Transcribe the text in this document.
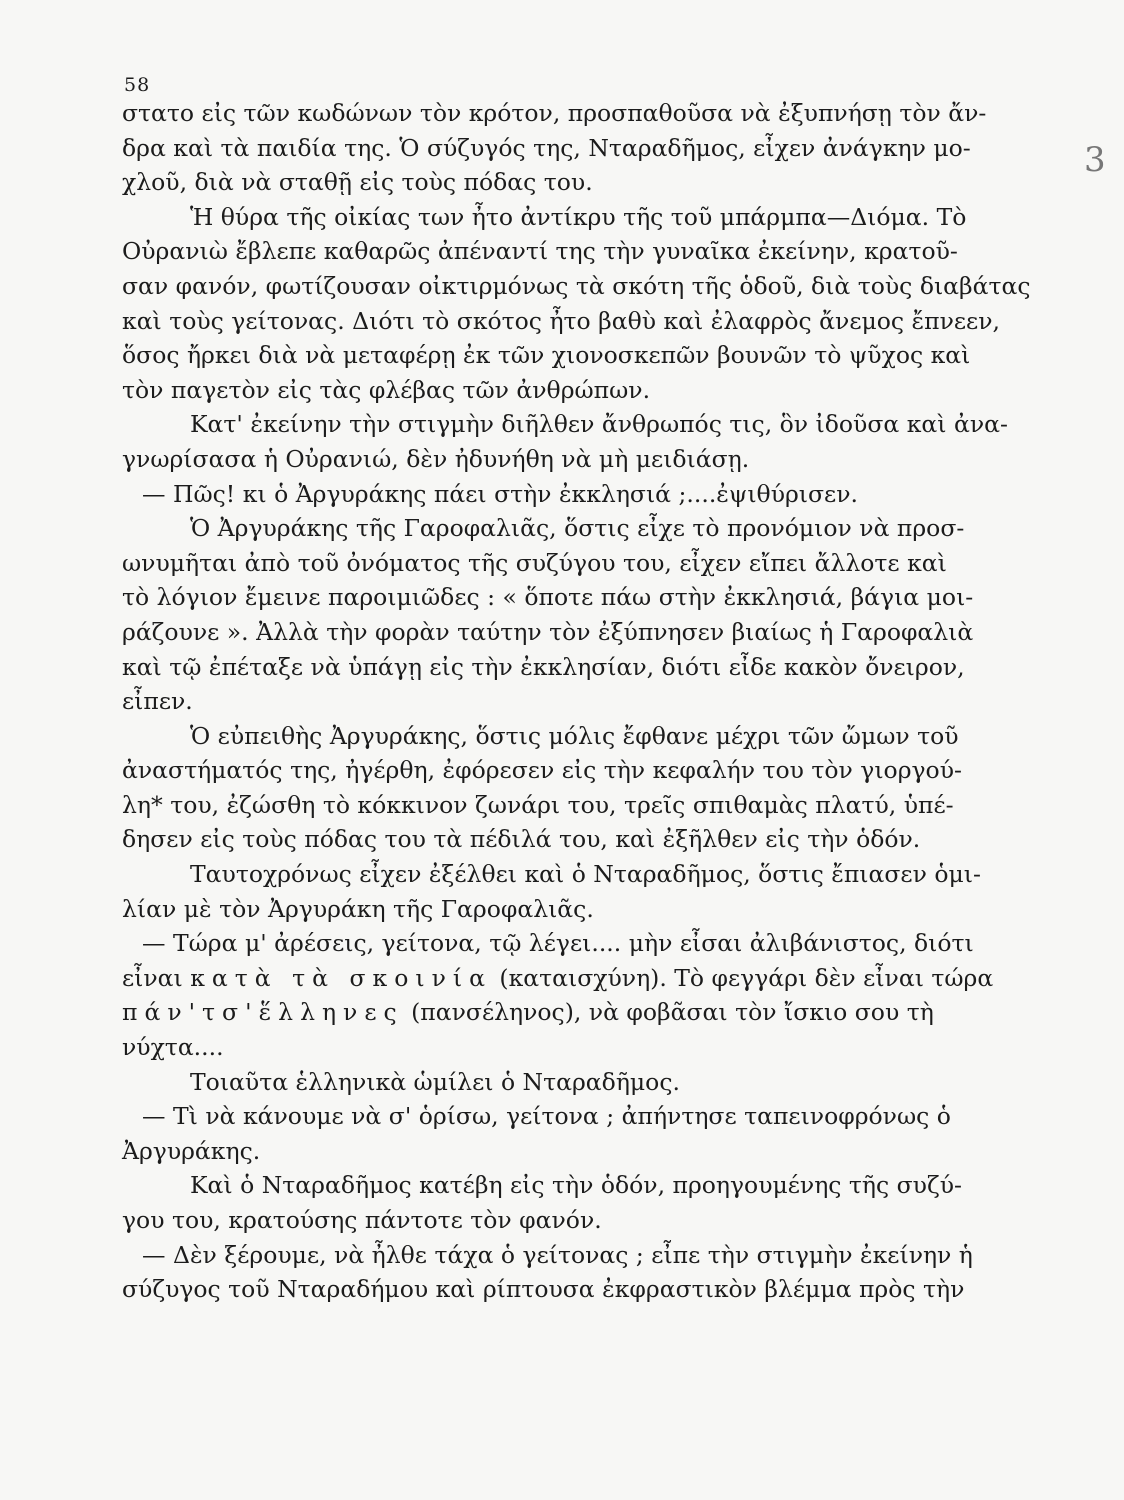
58
3
στατο εἰς τῶν κωδώνων τὸν κρότον, προσπαθοῦσα νὰ ἐξυπνήσῃ τὸν ἄν-
δρα καὶ τὰ παιδία της. Ὁ σύζυγός της, Νταραδῆμος, εἶχεν ἀνάγκην μο-
χλοῦ, διὰ νὰ σταθῇ εἰς τοὺς πόδας του.
Ἡ θύρα τῆς οἰκίας των ἦτο ἀντίκρυ τῆς τοῦ μπάρμπα—Διόμα. Τὸ
Οὐρανιὼ ἔβλεπε καθαρῶς ἀπέναντί της τὴν γυναῖκα ἐκείνην, κρατοῦ-
σαν φανόν, φωτίζουσαν οἰκτιρμόνως τὰ σκότη τῆς ὁδοῦ, διὰ τοὺς διαβάτας
καὶ τοὺς γείτονας. Διότι τὸ σκότος ἦτο βαθὺ καὶ ἐλαφρὸς ἄνεμος ἔπνεεν,
ὅσος ἤρκει διὰ νὰ μεταφέρῃ ἐκ τῶν χιονοσκεπῶν βουνῶν τὸ ψῦχος καὶ
τὸν παγετὸν εἰς τὰς φλέβας τῶν ἀνθρώπων.
Κατ' ἐκείνην τὴν στιγμὴν διῆλθεν ἄνθρωπός τις, ὃν ἰδοῦσα καὶ ἀνα-
γνωρίσασα ἡ Οὐρανιώ, δὲν ἠδυνήθη νὰ μὴ μειδιάσῃ.
— Πῶς! κι ὁ Ἀργυράκης πάει στὴν ἐκκλησιά ;....ἐψιθύρισεν.
Ὁ Ἀργυράκης τῆς Γαροφαλιᾶς, ὅστις εἶχε τὸ προνόμιον νὰ προσ-
ωνυμῆται ἀπὸ τοῦ ὀνόματος τῆς συζύγου του, εἶχεν εἴπει ἄλλοτε καὶ
τὸ λόγιον ἔμεινε παροιμιῶδες : « ὅποτε πάω στὴν ἐκκλησιά, βάγια μοι-
ράζουνε ». Ἀλλὰ τὴν φορὰν ταύτην τὸν ἐξύπνησεν βιαίως ἡ Γαροφαλιὰ
καὶ τῷ ἐπέταξε νὰ ὑπάγῃ εἰς τὴν ἐκκλησίαν, διότι εἶδε κακὸν ὄνειρον,
εἶπεν.
Ὁ εὐπειθὴς Ἀργυράκης, ὅστις μόλις ἔφθανε μέχρι τῶν ὤμων τοῦ
ἀναστήματός της, ἠγέρθη, ἐφόρεσεν εἰς τὴν κεφαλήν του τὸν γιοργού-
λη* του, ἐζώσθη τὸ κόκκινον ζωνάρι του, τρεῖς σπιθαμὰς πλατύ, ὑπέ-
δησεν εἰς τοὺς πόδας του τὰ πέδιλά του, καὶ ἐξῆλθεν εἰς τὴν ὁδόν.
Ταυτοχρόνως εἶχεν ἐξέλθει καὶ ὁ Νταραδῆμος, ὅστις ἔπιασεν ὁμι-
λίαν μὲ τὸν Ἀργυράκη τῆς Γαροφαλιᾶς.
— Τώρα μ' ἀρέσεις, γείτονα, τῷ λέγει.... μὴν εἶσαι ἀλιβάνιστος, διότι
εἶναι κατὰ τὰ σκοινία (καταισχύνη). Τὸ φεγγάρι δὲν εἶναι τώρα
πάν'τσ'ἕλληνες (πανσέληνος), νὰ φοβᾶσαι τὸν ἴσκιο σου τὴ
νύχτα....
Τοιαῦτα ἑλληνικὰ ὡμίλει ὁ Νταραδῆμος.
— Τὶ νὰ κάνουμε νὰ σ' ὁρίσω, γείτονα ; ἀπήντησε ταπεινοφρόνως ὁ
Ἀργυράκης.
Καὶ ὁ Νταραδῆμος κατέβη εἰς τὴν ὁδόν, προηγουμένης τῆς συζύ-
γου του, κρατούσης πάντοτε τὸν φανόν.
— Δὲν ξέρουμε, νὰ ἦλθε τάχα ὁ γείτονας ; εἶπε τὴν στιγμὴν ἐκείνην ἡ
σύζυγος τοῦ Νταραδήμου καὶ ρίπτουσα ἐκφραστικὸν βλέμμα πρὸς τὴν
